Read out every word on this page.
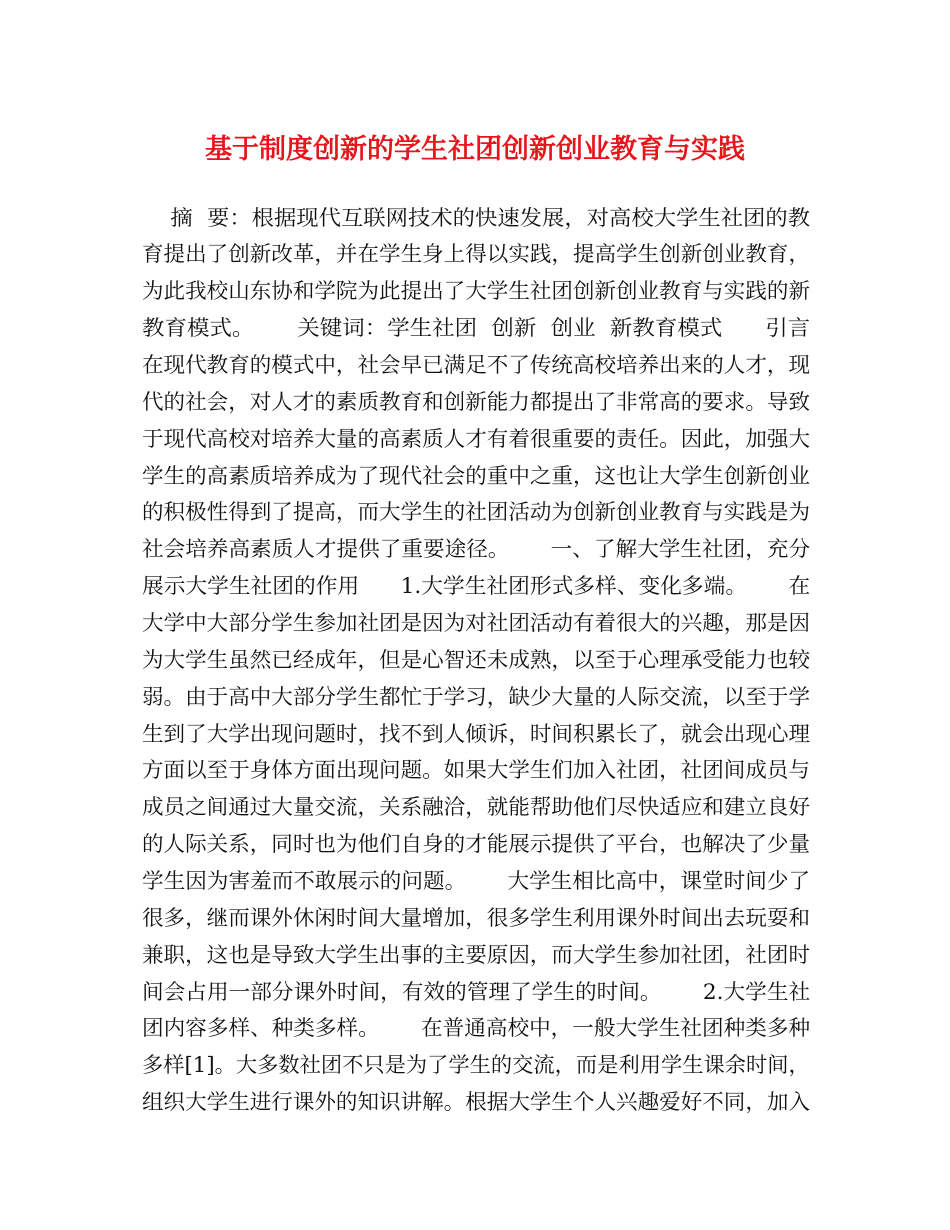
基于制度创新的学生社团创新创业教育与实践
摘  要：根据现代互联网技术的快速发展，对高校大学生社团的教
育提出了创新改革，并在学生身上得以实践，提高学生创新创业教育，
为此我校山东协和学院为此提出了大学生社团创新创业教育与实践的新
教育模式。      关键词：学生社团  创新  创业  新教育模式      引言
在现代教育的模式中，社会早已满足不了传统高校培养出来的人才，现
代的社会，对人才的素质教育和创新能力都提出了非常高的要求。导致
于现代高校对培养大量的高素质人才有着很重要的责任。因此，加强大
学生的高素质培养成为了现代社会的重中之重，这也让大学生创新创业
的积极性得到了提高，而大学生的社团活动为创新创业教育与实践是为
社会培养高素质人才提供了重要途径。      一、了解大学生社团，充分
展示大学生社团的作用      1.大学生社团形式多样、变化多端。      在
大学中大部分学生参加社团是因为对社团活动有着很大的兴趣，那是因
为大学生虽然已经成年，但是心智还未成熟，以至于心理承受能力也较
弱。由于高中大部分学生都忙于学习，缺少大量的人际交流，以至于学
生到了大学出现问题时，找不到人倾诉，时间积累长了，就会出现心理
方面以至于身体方面出现问题。如果大学生们加入社团，社团间成员与
成员之间通过大量交流，关系融洽，就能帮助他们尽快适应和建立良好
的人际关系，同时也为他们自身的才能展示提供了平台，也解决了少量
学生因为害羞而不敢展示的问题。      大学生相比高中，课堂时间少了
很多，继而课外休闲时间大量增加，很多学生利用课外时间出去玩耍和
兼职，这也是导致大学生出事的主要原因，而大学生参加社团，社团时
间会占用一部分课外时间，有效的管理了学生的时间。      2.大学生社
团内容多样、种类多样。      在普通高校中，一般大学生社团种类多种
多样[1]。大多数社团不只是为了学生的交流，而是利用学生课余时间，
组织大学生进行课外的知识讲解。根据大学生个人兴趣爱好不同，加入
